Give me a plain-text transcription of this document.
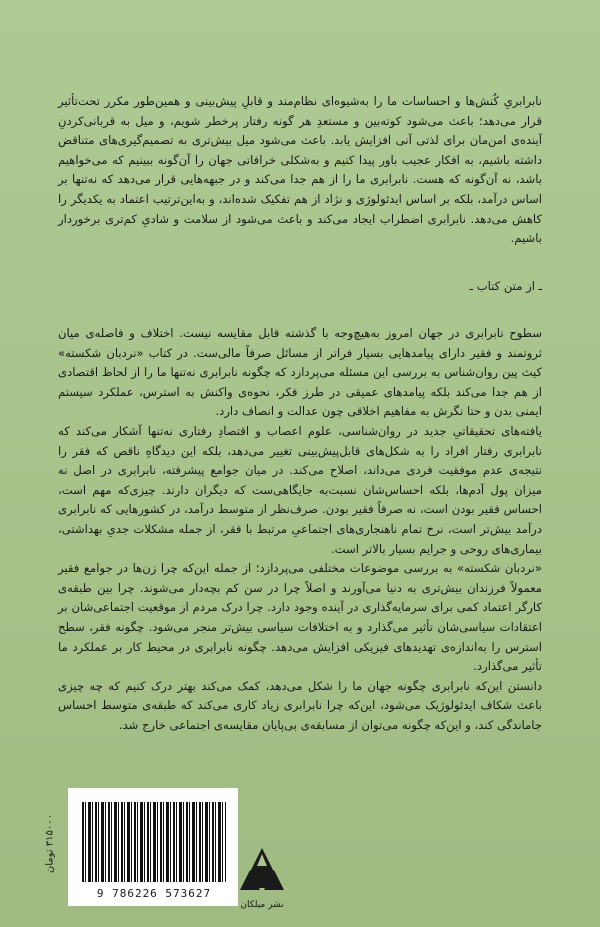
نابرابریِ کُنش‌ها و احساسات ما را به‌شیوه‌ای نظام‌مند و قابلِ پیش‌بینی و همین‌طور مکرر تحت‌تأثیر قرار می‌دهد؛ باعث می‌شود کوته‌بین و مستعدِ هر گونه رفتار پرخطر شویم، و میل به قربانی‌کردنِ آینده‌ی امن‌مان برای لذتی آنی افزایش یابد. باعث می‌شود میل بیش‌تری به تصمیم‌گیری‌های متناقض داشته باشیم، به افکار عجیب باور پیدا کنیم و به‌شکلی خرافاتی جهان را آن‌گونه ببینیم که می‌خواهیم باشد، نه آن‌گونه که هست. نابرابری ما را از هم جدا می‌کند و در جبهه‌هایی قرار می‌دهد که نه‌تنها بر اساس درآمد، بلکه بر اساس ایدئولوژی و نژاد از هم تفکیک شده‌اند، و به‌این‌ترتیب اعتماد به یکدیگر را کاهش می‌دهد. نابرابری اضطراب ایجاد می‌کند و باعث می‌شود از سلامت و شادیِ کم‌تری برخوردار باشیم.

ـ از متن کتاب ـ

سطوح نابرابری در جهان امروز به‌هیچ‌وجه با گذشته قابل مقایسه نیست. اختلاف و فاصله‌ی میان ثروتمند و فقیر دارای پیامدهایی بسیار فراتر از مسائل صرفاً مالی‌ست. در کتاب «نردبان شکسته» کیث پین روان‌شناس به بررسی این مسئله می‌پردازد که چگونه نابرابری نه‌تنها ما را از لحاظ اقتصادی از هم جدا می‌کند بلکه پیامدهای عمیقی در طرز فکر، نحوه‌ی واکنش به استرس، عملکرد سیستم ایمنی بدن و حتا نگرش به مفاهیم اخلاقی چون عدالت و انصاف دارد.

یافته‌های تحقیقاتیِ جدید در روان‌شناسی، علوم اعصاب و اقتصادِ رفتاری نه‌تنها آشکار می‌کند که نابرابری رفتار افراد را به شکل‌های قابل‌پیش‌بینی تغییر می‌دهد، بلکه این دیدگاهِ ناقص که فقر را نتیجه‌ی عدم موفقیت فردی می‌داند، اصلاح می‌کند. در میان جوامع پیشرفته، نابرابری در اصل نه میزان پول آدم‌ها، بلکه احساس‌شان نسبت‌به جایگاهی‌ست که دیگران دارند. چیزی‌که مهم است، احساس فقیر بودن است، نه صرفاً فقیر بودن. صرف‌نظر از متوسط درآمد، در کشورهایی که نابرابری درآمد بیش‌تر است، نرخ تمام ناهنجاری‌های اجتماعیِ مرتبط با فقر، از جمله مشکلات جدیِ بهداشتی، بیماری‌های روحی و جرایم بسیار بالاتر است.

«نردبان شکسته» به بررسی موضوعات مختلفی می‌پردازد؛ از جمله این‌که چرا زن‌ها در جوامع فقیر معمولاً فرزندان بیش‌تری به دنیا می‌آورند و اصلاً چرا در سن کم بچه‌دار می‌شوند. چرا بین طبقه‌ی کارگر اعتماد کمی برای سرمایه‌گذاری در آینده وجود دارد. چرا درک مردم از موقعیت اجتماعی‌شان بر اعتقادات سیاسی‌شان تأثیر می‌گذارد و به اختلافات سیاسی بیش‌تر منجر می‌شود. چگونه فقر، سطح استرس را به‌اندازه‌ی تهدیدهای فیزیکی افزایش می‌دهد. چگونه نابرابری در محیط کار بر عملکرد ما تأثیر می‌گذارد.

دانستن این‌که نابرابری چگونه جهان ما را شکل می‌دهد، کمک می‌کند بهتر درک کنیم که چه چیزی باعث شکاف ایدئولوژیک می‌شود، این‌که چرا نابرابری زیاد کاری می‌کند که طبقه‌ی متوسط احساس جاماندگی کند، و این‌که چگونه می‌توان از مسابقه‌ی بی‌پایان مقایسه‌ی اجتماعی خارج شد.

۳۱۵۰۰۰ تومان
9 786226 573627
نشر میلکان
